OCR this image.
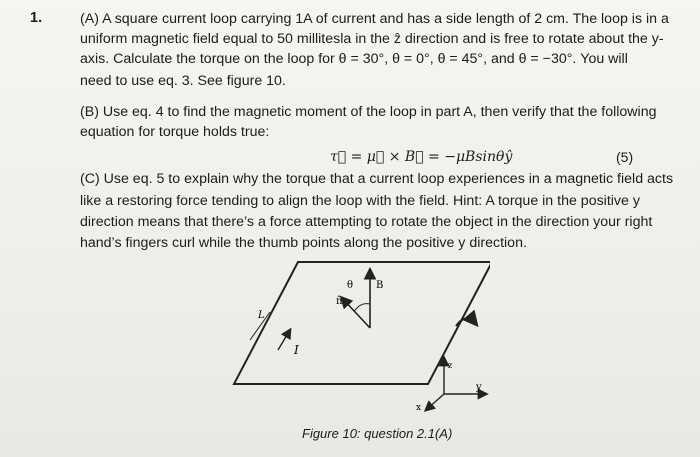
1.	(A) A square current loop carrying 1A of current and has a side length of 2 cm. The loop is in a
uniform magnetic field equal to 50 millitesla in the ẑ direction and is free to rotate about the y-
axis. Calculate the torque on the loop for θ = 30°, θ = 0°, θ = 45°, and θ = −30°. You will
need to use eq. 3. See figure 10.
(B) Use eq. 4 to find the magnetic moment of the loop in part A, then verify that the following
equation for torque holds true:
τ⃗ = μ⃗ × B⃗ = −μBsinθŷ	(5)
(C) Use eq. 5 to explain why the torque that a current loop experiences in a magnetic field acts
like a restoring force tending to align the loop with the field. Hint: A torque in the positive y
direction means that there’s a force attempting to rotate the object in the direction your right
hand’s fingers curl while the thumb points along the positive y direction.
θ B
n̂
L
I
z
y
x
Figure 10: question 2.1(A)
